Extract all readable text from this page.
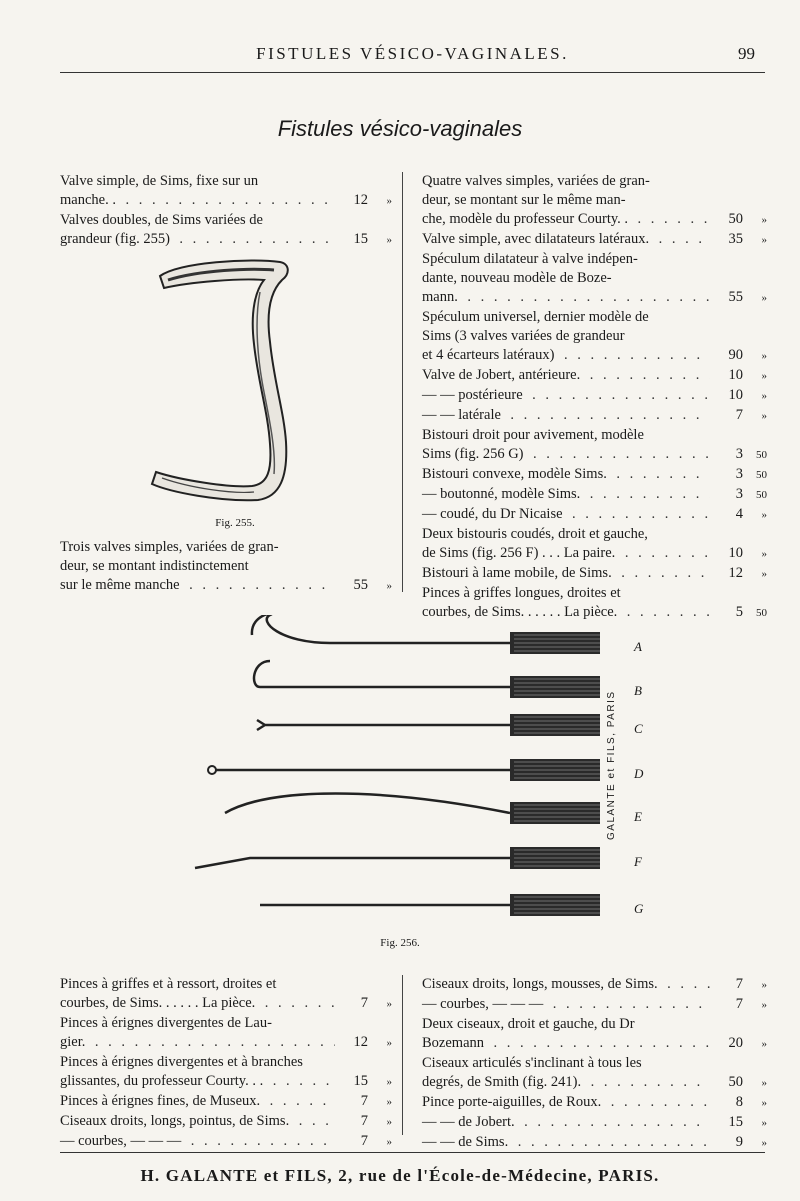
FISTULES VÉSICO-VAGINALES.	99
Fistules vésico-vaginales
Valve simple, de Sims, fixe sur un
manche. . . . .	12	»
Valves doubles, de Sims variées de
grandeur (fig. 255) . . .	15	»
Fig. 255.
Trois valves simples, variées de gran-
deur, se montant indistinctement
sur le même manche . . .	55	»
Quatre valves simples, variées de gran-
deur, se montant sur le même man-
che, modèle du professeur Courty. . . . .	50	»
Valve simple, avec dilatateurs latéraux. . . .	35	»
Spéculum dilatateur à valve indépen-
dante, nouveau modèle de Boze-
mann. . . .	55	»
Spéculum universel, dernier modèle de
Sims (3 valves variées de grandeur
et 4 écarteurs latéraux) . . .	90	»
Valve de Jobert, antérieure. . . .	10	»
— — postérieure . . .	10	»
— — latérale . . .	7	»
Bistouri droit pour avivement, modèle
Sims (fig. 256 G) . . .	3	50
Bistouri convexe, modèle Sims. . . .	3	50
— boutonné, modèle Sims. . . .	3	50
— coudé, du Dr Nicaise . . .	4	»
Deux bistouris coudés, droit et gauche,
de Sims (fig. 256 F) . . . La paire. . . .	10	»
Bistouri à lame mobile, de Sims. . . .	12	»
Pinces à griffes longues, droites et
courbes, de Sims. . . . . . La pièce. . . .	5	50
GALANTE et FILS, PARIS
A
B
C
D
E
F
G
Fig. 256.
Pinces à griffes et à ressort, droites et
courbes, de Sims. . . . . . La pièce. . . .	7	»
Pinces à érignes divergentes de Lau-
gier. . . .	12	»
Pinces à érignes divergentes et à branches
glissantes, du professeur Courty. . . . . .	15	»
Pinces à érignes fines, de Museux. . . .	7	»
Ciseaux droits, longs, pointus, de Sims. . . .	7	»
— courbes, — — — . . .	7	»
Ciseaux droits, longs, mousses, de Sims. . . .	7	»
— courbes, — — — . . .	7	»
Deux ciseaux, droit et gauche, du Dr
Bozemann . . .	20	»
Ciseaux articulés s'inclinant à tous les
degrés, de Smith (fig. 241). . . .	50	»
Pince porte-aiguilles, de Roux. . . .	8	»
— — de Jobert. . . .	15	»
— — de Sims. . . .	9	»
H. GALANTE et FILS, 2, rue de l'École-de-Médecine, PARIS.
